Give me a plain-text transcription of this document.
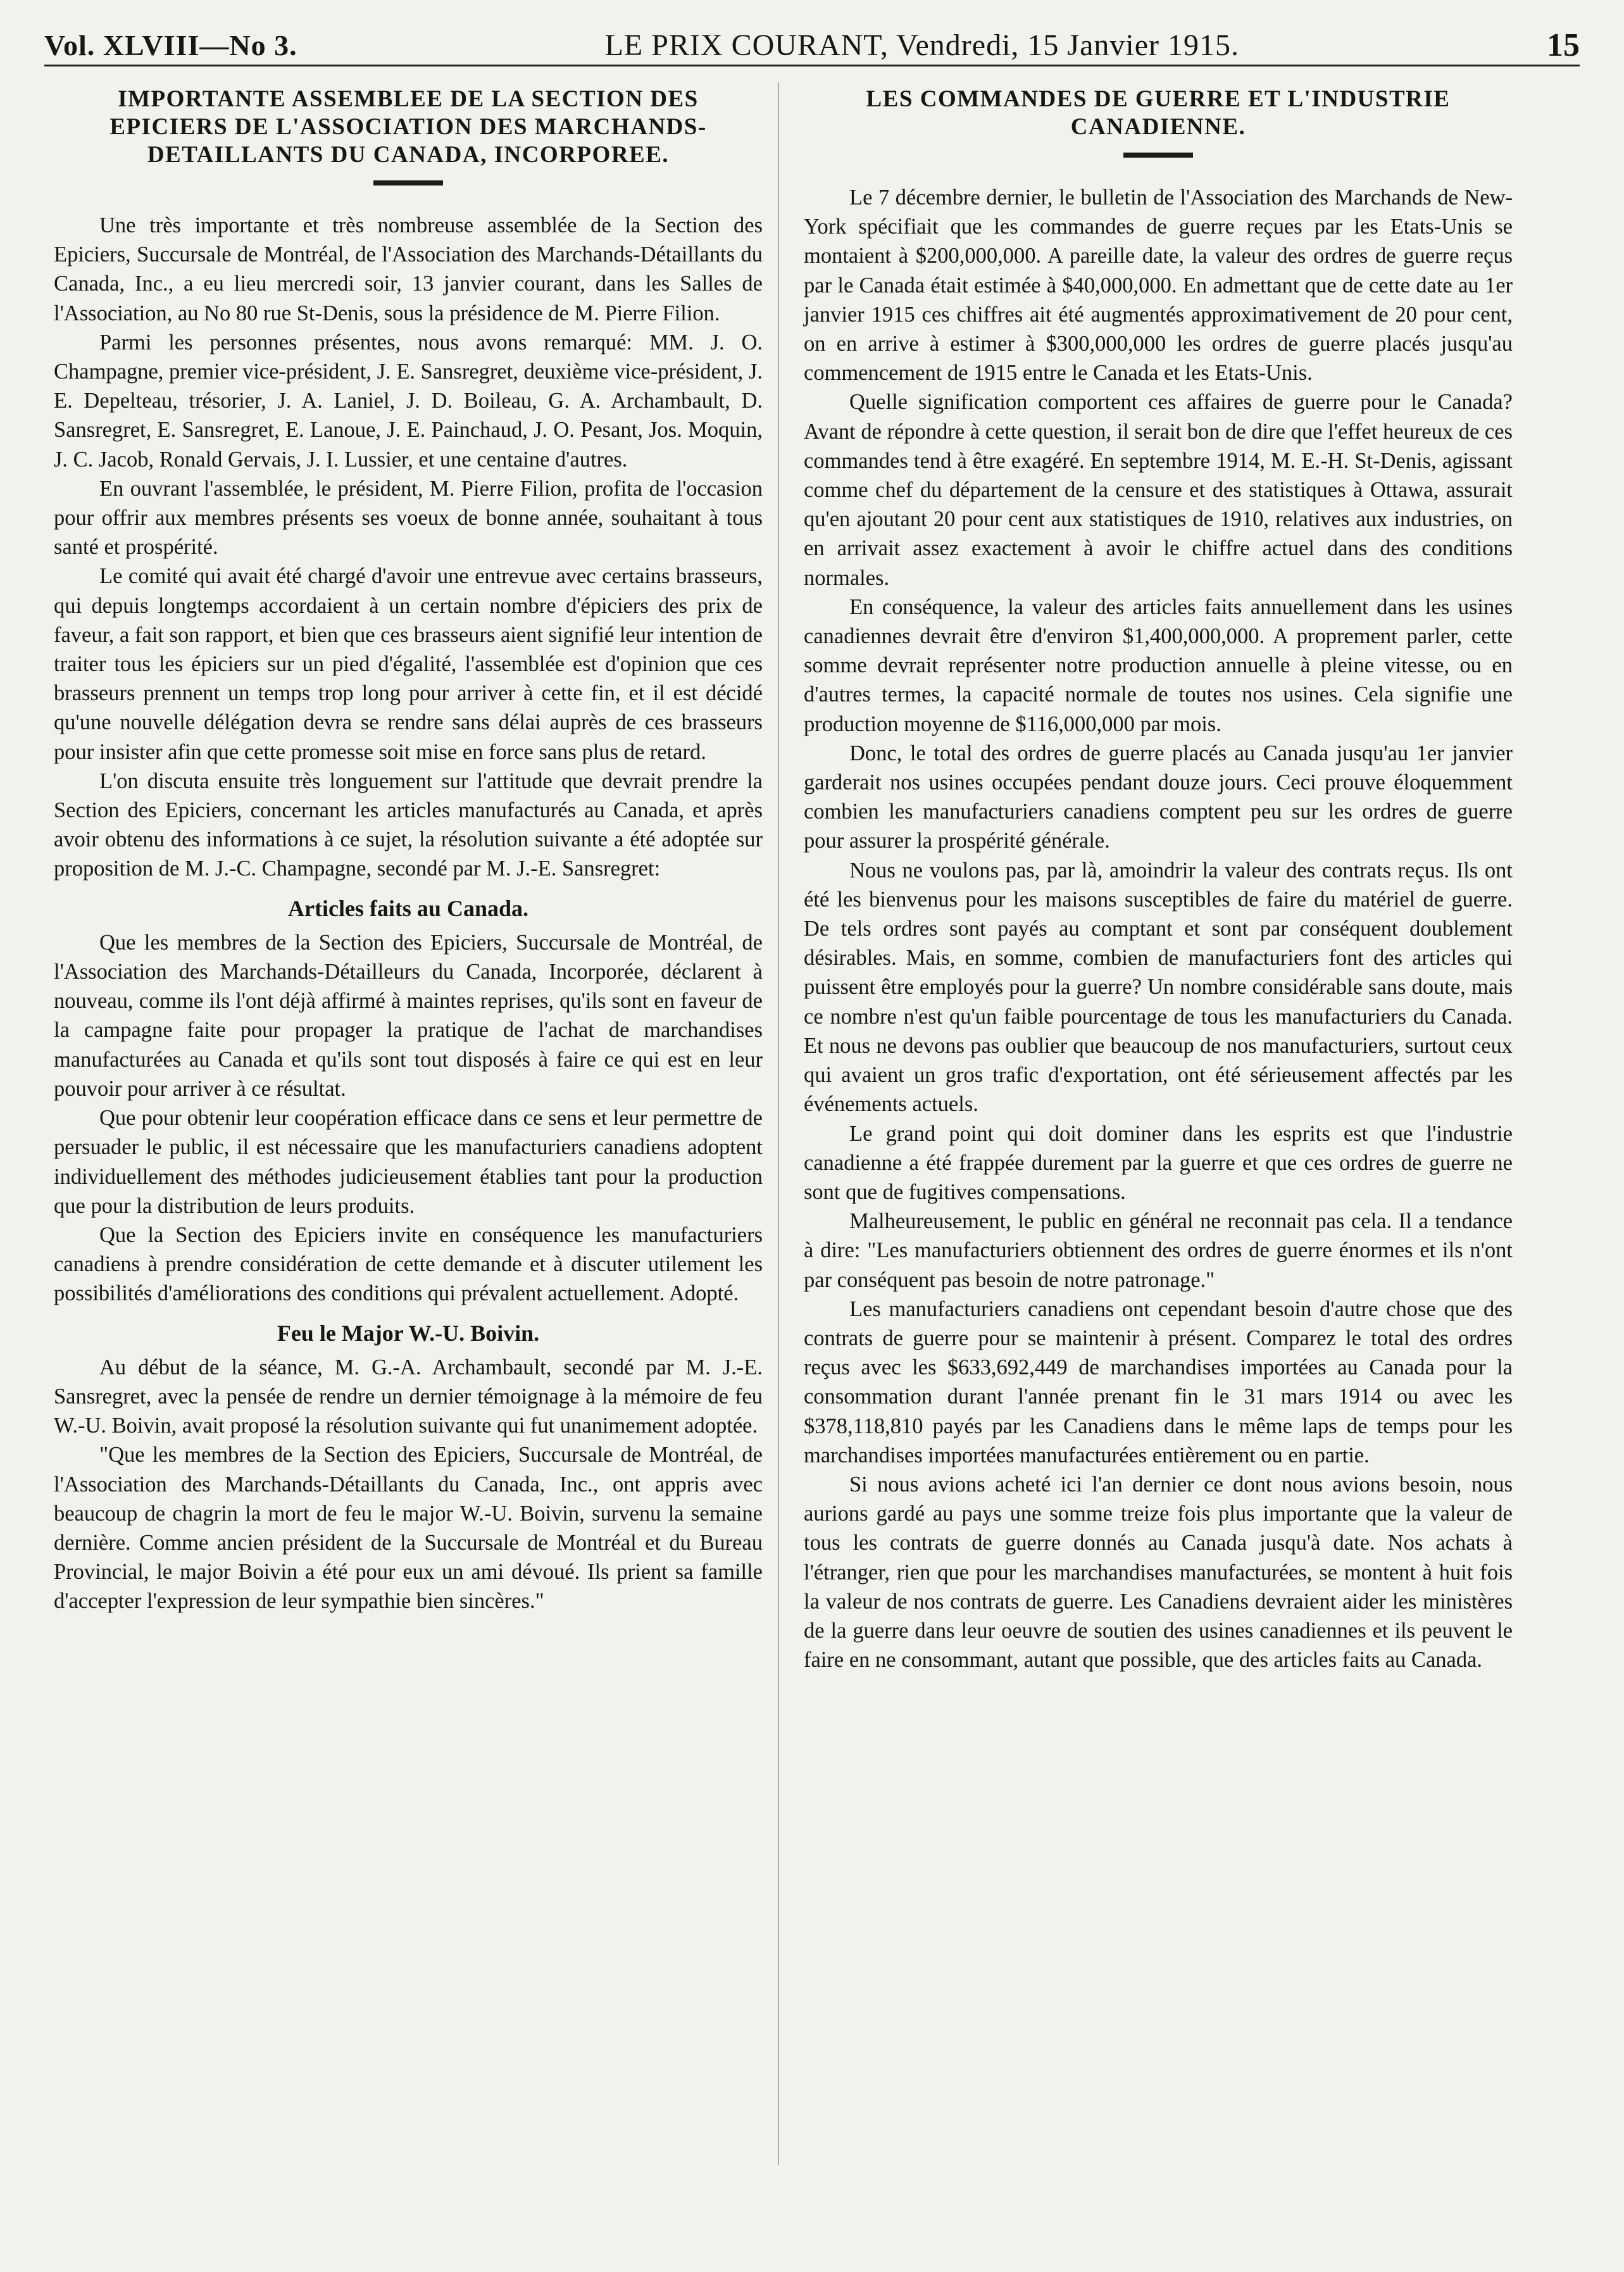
Vol. XLVIII—No 3.	LE PRIX COURANT, Vendredi, 15 Janvier 1915.	15
IMPORTANTE ASSEMBLEE DE LA SECTION DES EPICIERS DE L'ASSOCIATION DES MARCHANDS-DETAILLANTS DU CANADA, INCORPOREE.

Une très importante et très nombreuse assemblée de la Section des Epiciers, Succursale de Montréal, de l'Association des Marchands-Détaillants du Canada, Inc., a eu lieu mercredi soir, 13 janvier courant, dans les Salles de l'Association, au No 80 rue St-Denis, sous la présidence de M. Pierre Filion.

Parmi les personnes présentes, nous avons remarqué: MM. J. O. Champagne, premier vice-président, J. E. Sansregret, deuxième vice-président, J. E. Depelteau, trésorier, J. A. Laniel, J. D. Boileau, G. A. Archambault, D. Sansregret, E. Sansregret, E. Lanoue, J. E. Painchaud, J. O. Pesant, Jos. Moquin, J. C. Jacob, Ronald Gervais, J. I. Lussier, et une centaine d'autres.

En ouvrant l'assemblée, le président, M. Pierre Filion, profita de l'occasion pour offrir aux membres présents ses voeux de bonne année, souhaitant à tous santé et prospérité.

Le comité qui avait été chargé d'avoir une entrevue avec certains brasseurs, qui depuis longtemps accordaient à un certain nombre d'épiciers des prix de faveur, a fait son rapport, et bien que ces brasseurs aient signifié leur intention de traiter tous les épiciers sur un pied d'égalité, l'assemblée est d'opinion que ces brasseurs prennent un temps trop long pour arriver à cette fin, et il est décidé qu'une nouvelle délégation devra se rendre sans délai auprès de ces brasseurs pour insister afin que cette promesse soit mise en force sans plus de retard.

L'on discuta ensuite très longuement sur l'attitude que devrait prendre la Section des Epiciers, concernant les articles manufacturés au Canada, et après avoir obtenu des informations à ce sujet, la résolution suivante a été adoptée sur proposition de M. J.-C. Champagne, secondé par M. J.-E. Sansregret:

Articles faits au Canada.

Que les membres de la Section des Epiciers, Succursale de Montréal, de l'Association des Marchands-Détailleurs du Canada, Incorporée, déclarent à nouveau, comme ils l'ont déjà affirmé à maintes reprises, qu'ils sont en faveur de la campagne faite pour propager la pratique de l'achat de marchandises manufacturées au Canada et qu'ils sont tout disposés à faire ce qui est en leur pouvoir pour arriver à ce résultat.

Que pour obtenir leur coopération efficace dans ce sens et leur permettre de persuader le public, il est nécessaire que les manufacturiers canadiens adoptent individuellement des méthodes judicieusement établies tant pour la production que pour la distribution de leurs produits.

Que la Section des Epiciers invite en conséquence les manufacturiers canadiens à prendre considération de cette demande et à discuter utilement les possibilités d'améliorations des conditions qui prévalent actuellement. Adopté.

Feu le Major W.-U. Boivin.

Au début de la séance, M. G.-A. Archambault, secondé par M. J.-E. Sansregret, avec la pensée de rendre un dernier témoignage à la mémoire de feu W.-U. Boivin, avait proposé la résolution suivante qui fut unanimement adoptée.

"Que les membres de la Section des Epiciers, Succursale de Montréal, de l'Association des Marchands-Détaillants du Canada, Inc., ont appris avec beaucoup de chagrin la mort de feu le major W.-U. Boivin, survenu la semaine dernière. Comme ancien président de la Succursale de Montréal et du Bureau Provincial, le major Boivin a été pour eux un ami dévoué. Ils prient sa famille d'accepter l'expression de leur sympathie bien sincères."

LES COMMANDES DE GUERRE ET L'INDUSTRIE CANADIENNE.

Le 7 décembre dernier, le bulletin de l'Association des Marchands de New-York spécifiait que les commandes de guerre reçues par les Etats-Unis se montaient à $200,000,000. A pareille date, la valeur des ordres de guerre reçus par le Canada était estimée à $40,000,000. En admettant que de cette date au 1er janvier 1915 ces chiffres ait été augmentés approximativement de 20 pour cent, on en arrive à estimer à $300,000,000 les ordres de guerre placés jusqu'au commencement de 1915 entre le Canada et les Etats-Unis.

Quelle signification comportent ces affaires de guerre pour le Canada? Avant de répondre à cette question, il serait bon de dire que l'effet heureux de ces commandes tend à être exagéré. En septembre 1914, M. E.-H. St-Denis, agissant comme chef du département de la censure et des statistiques à Ottawa, assurait qu'en ajoutant 20 pour cent aux statistiques de 1910, relatives aux industries, on en arrivait assez exactement à avoir le chiffre actuel dans des conditions normales.

En conséquence, la valeur des articles faits annuellement dans les usines canadiennes devrait être d'environ $1,400,000,000. A proprement parler, cette somme devrait représenter notre production annuelle à pleine vitesse, ou en d'autres termes, la capacité normale de toutes nos usines. Cela signifie une production moyenne de $116,000,000 par mois.

Donc, le total des ordres de guerre placés au Canada jusqu'au 1er janvier garderait nos usines occupées pendant douze jours. Ceci prouve éloquemment combien les manufacturiers canadiens comptent peu sur les ordres de guerre pour assurer la prospérité générale.

Nous ne voulons pas, par là, amoindrir la valeur des contrats reçus. Ils ont été les bienvenus pour les maisons susceptibles de faire du matériel de guerre. De tels ordres sont payés au comptant et sont par conséquent doublement désirables. Mais, en somme, combien de manufacturiers font des articles qui puissent être employés pour la guerre? Un nombre considérable sans doute, mais ce nombre n'est qu'un faible pourcentage de tous les manufacturiers du Canada. Et nous ne devons pas oublier que beaucoup de nos manufacturiers, surtout ceux qui avaient un gros trafic d'exportation, ont été sérieusement affectés par les événements actuels.

Le grand point qui doit dominer dans les esprits est que l'industrie canadienne a été frappée durement par la guerre et que ces ordres de guerre ne sont que de fugitives compensations.

Malheureusement, le public en général ne reconnait pas cela. Il a tendance à dire: "Les manufacturiers obtiennent des ordres de guerre énormes et ils n'ont par conséquent pas besoin de notre patronage."

Les manufacturiers canadiens ont cependant besoin d'autre chose que des contrats de guerre pour se maintenir à présent. Comparez le total des ordres reçus avec les $633,692,449 de marchandises importées au Canada pour la consommation durant l'année prenant fin le 31 mars 1914 ou avec les $378,118,810 payés par les Canadiens dans le même laps de temps pour les marchandises importées manufacturées entièrement ou en partie.

Si nous avions acheté ici l'an dernier ce dont nous avions besoin, nous aurions gardé au pays une somme treize fois plus importante que la valeur de tous les contrats de guerre donnés au Canada jusqu'à date. Nos achats à l'étranger, rien que pour les marchandises manufacturées, se montent à huit fois la valeur de nos contrats de guerre. Les Canadiens devraient aider les ministères de la guerre dans leur oeuvre de soutien des usines canadiennes et ils peuvent le faire en ne consommant, autant que possible, que des articles faits au Canada.
